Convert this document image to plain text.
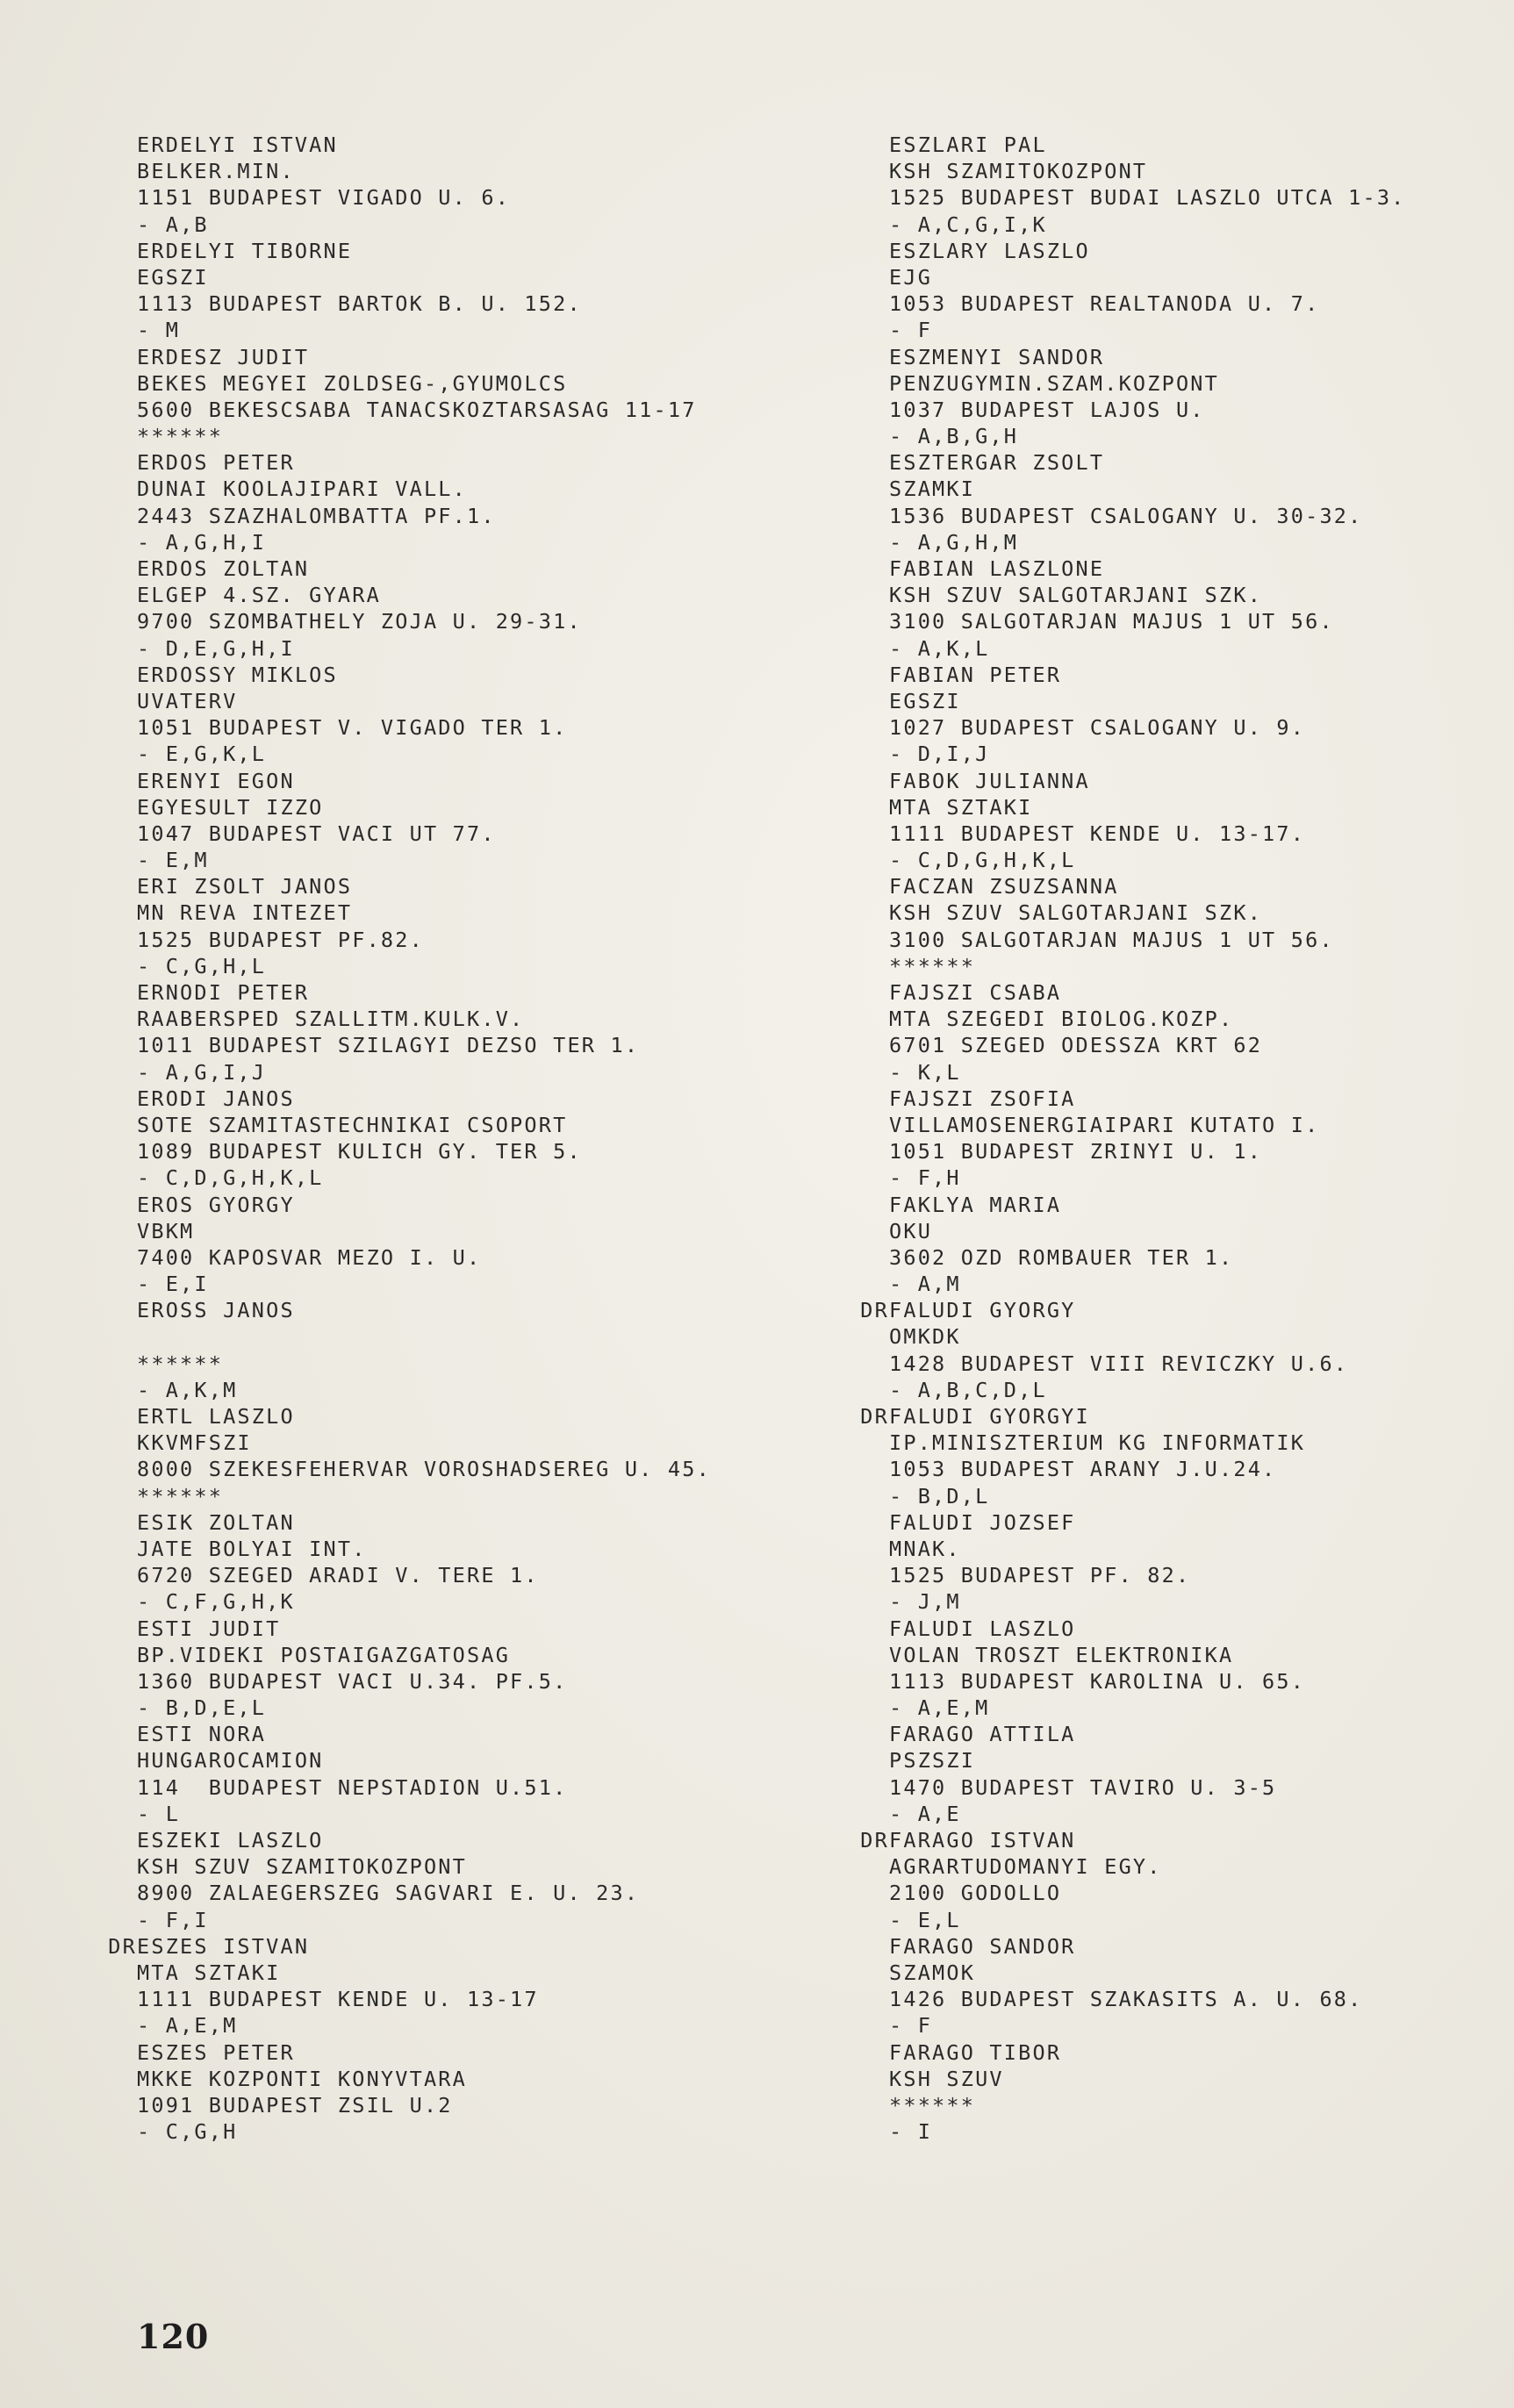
ERDELYI ISTVAN
BELKER.MIN.
1151 BUDAPEST VIGADO U. 6.
- A,B
ERDELYI TIBORNE
EGSZI
1113 BUDAPEST BARTOK B. U. 152.
- M
ERDESZ JUDIT
BEKES MEGYEI ZOLDSEG-,GYUMOLCS
5600 BEKESCSABA TANACSKOZTARSASAG 11-17
******
ERDOS PETER
DUNAI KOOLAJIPARI VALL.
2443 SZAZHALOMBATTA PF.1.
- A,G,H,I
ERDOS ZOLTAN
ELGEP 4.SZ. GYARA
9700 SZOMBATHELY ZOJA U. 29-31.
- D,E,G,H,I
ERDOSSY MIKLOS
UVATERV
1051 BUDAPEST V. VIGADO TER 1.
- E,G,K,L
ERENYI EGON
EGYESULT IZZO
1047 BUDAPEST VACI UT 77.
- E,M
ERI ZSOLT JANOS
MN REVA INTEZET
1525 BUDAPEST PF.82.
- C,G,H,L
ERNODI PETER
RAABERSPED SZALLITM.KULK.V.
1011 BUDAPEST SZILAGYI DEZSO TER 1.
- A,G,I,J
ERODI JANOS
SOTE SZAMITASTECHNIKAI CSOPORT
1089 BUDAPEST KULICH GY. TER 5.
- C,D,G,H,K,L
EROS GYORGY
VBKM
7400 KAPOSVAR MEZO I. U.
- E,I
EROSS JANOS
******
- A,K,M
ERTL LASZLO
KKVMFSZI
8000 SZEKESFEHERVAR VOROSHADSEREG U. 45.
******
ESIK ZOLTAN
JATE BOLYAI INT.
6720 SZEGED ARADI V. TERE 1.
- C,F,G,H,K
ESTI JUDIT
BP.VIDEKI POSTAIGAZGATOSAG
1360 BUDAPEST VACI U.34. PF.5.
- B,D,E,L
ESTI NORA
HUNGAROCAMION
114  BUDAPEST NEPSTADION U.51.
- L
ESZEKI LASZLO
KSH SZUV SZAMITOKOZPONT
8900 ZALAEGERSZEG SAGVARI E. U. 23.
- F,I
DR ESZES ISTVAN
MTA SZTAKI
1111 BUDAPEST KENDE U. 13-17
- A,E,M
ESZES PETER
MKKE KOZPONTI KONYVTARA
1091 BUDAPEST ZSIL U.2
- C,G,H
ESZLARI PAL
KSH SZAMITOKOZPONT
1525 BUDAPEST BUDAI LASZLO UTCA 1-3.
- A,C,G,I,K
ESZLARY LASZLO
EJG
1053 BUDAPEST REALTANODA U. 7.
- F
ESZMENYI SANDOR
PENZUGYMIN.SZAM.KOZPONT
1037 BUDAPEST LAJOS U.
- A,B,G,H
ESZTERGAR ZSOLT
SZAMKI
1536 BUDAPEST CSALOGANY U. 30-32.
- A,G,H,M
FABIAN LASZLONE
KSH SZUV SALGOTARJANI SZK.
3100 SALGOTARJAN MAJUS 1 UT 56.
- A,K,L
FABIAN PETER
EGSZI
1027 BUDAPEST CSALOGANY U. 9.
- D,I,J
FABOK JULIANNA
MTA SZTAKI
1111 BUDAPEST KENDE U. 13-17.
- C,D,G,H,K,L
FACZAN ZSUZSANNA
KSH SZUV SALGOTARJANI SZK.
3100 SALGOTARJAN MAJUS 1 UT 56.
******
FAJSZI CSABA
MTA SZEGEDI BIOLOG.KOZP.
6701 SZEGED ODESSZA KRT 62
- K,L
FAJSZI ZSOFIA
VILLAMOSENERGIAIPARI KUTATO I.
1051 BUDAPEST ZRINYI U. 1.
- F,H
FAKLYA MARIA
OKU
3602 OZD ROMBAUER TER 1.
- A,M
DR FALUDI GYORGY
OMKDK
1428 BUDAPEST VIII REVICZKY U.6.
- A,B,C,D,L
DR FALUDI GYORGYI
IP.MINISZTERIUM KG INFORMATIK
1053 BUDAPEST ARANY J.U.24.
- B,D,L
FALUDI JOZSEF
MNAK.
1525 BUDAPEST PF. 82.
- J,M
FALUDI LASZLO
VOLAN TROSZT ELEKTRONIKA
1113 BUDAPEST KAROLINA U. 65.
- A,E,M
FARAGO ATTILA
PSZSZI
1470 BUDAPEST TAVIRO U. 3-5
- A,E
DR FARAGO ISTVAN
AGRARTUDOMANYI EGY.
2100 GODOLLO
- E,L
FARAGO SANDOR
SZAMOK
1426 BUDAPEST SZAKASITS A. U. 68.
- F
FARAGO TIBOR
KSH SZUV
******
- I
120
